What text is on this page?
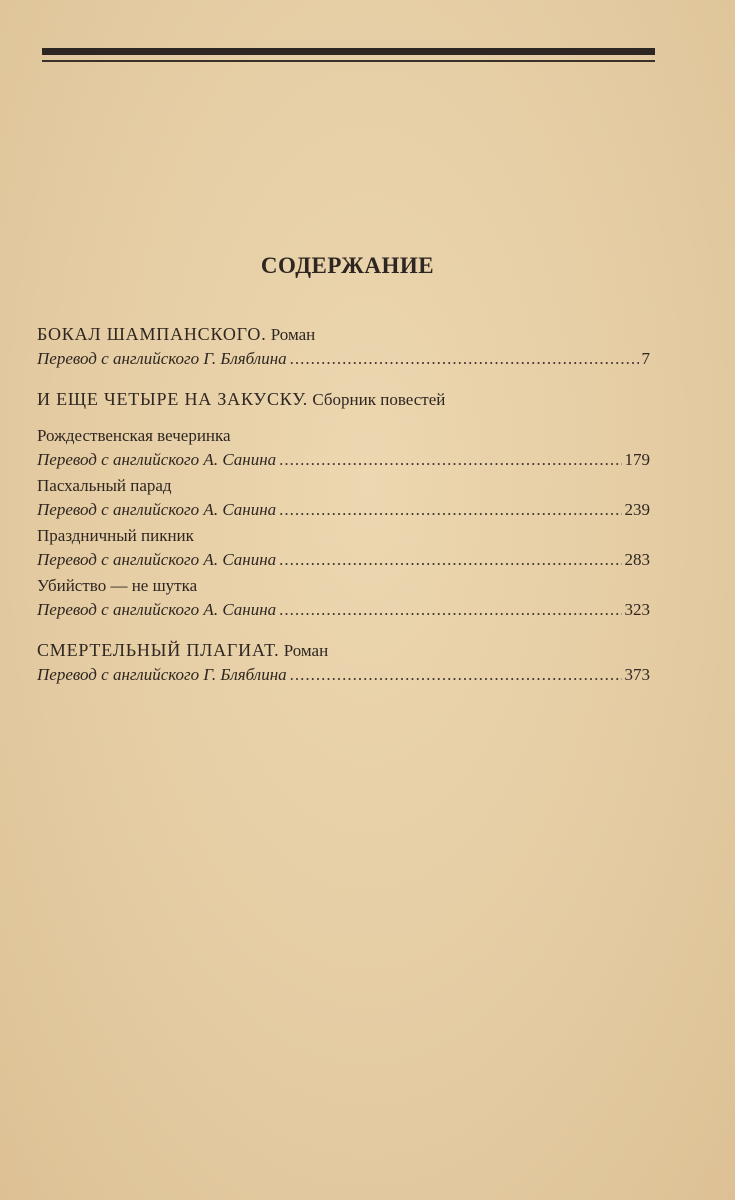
СОДЕРЖАНИЕ
БОКАЛ ШАМПАНСКОГО. Роман
Перевод с английского Г. Бляблина .....	7
И ЕЩЕ ЧЕТЫРЕ НА ЗАКУСКУ. Сборник повестей
Рождественская вечеринка
Перевод с английского А. Санина .....	179
Пасхальный парад
Перевод с английского А. Санина .....	239
Праздничный пикник
Перевод с английского А. Санина .....	283
Убийство — не шутка
Перевод с английского А. Санина .....	323
СМЕРТЕЛЬНЫЙ ПЛАГИАТ. Роман
Перевод с английского Г. Бляблина .....	373
